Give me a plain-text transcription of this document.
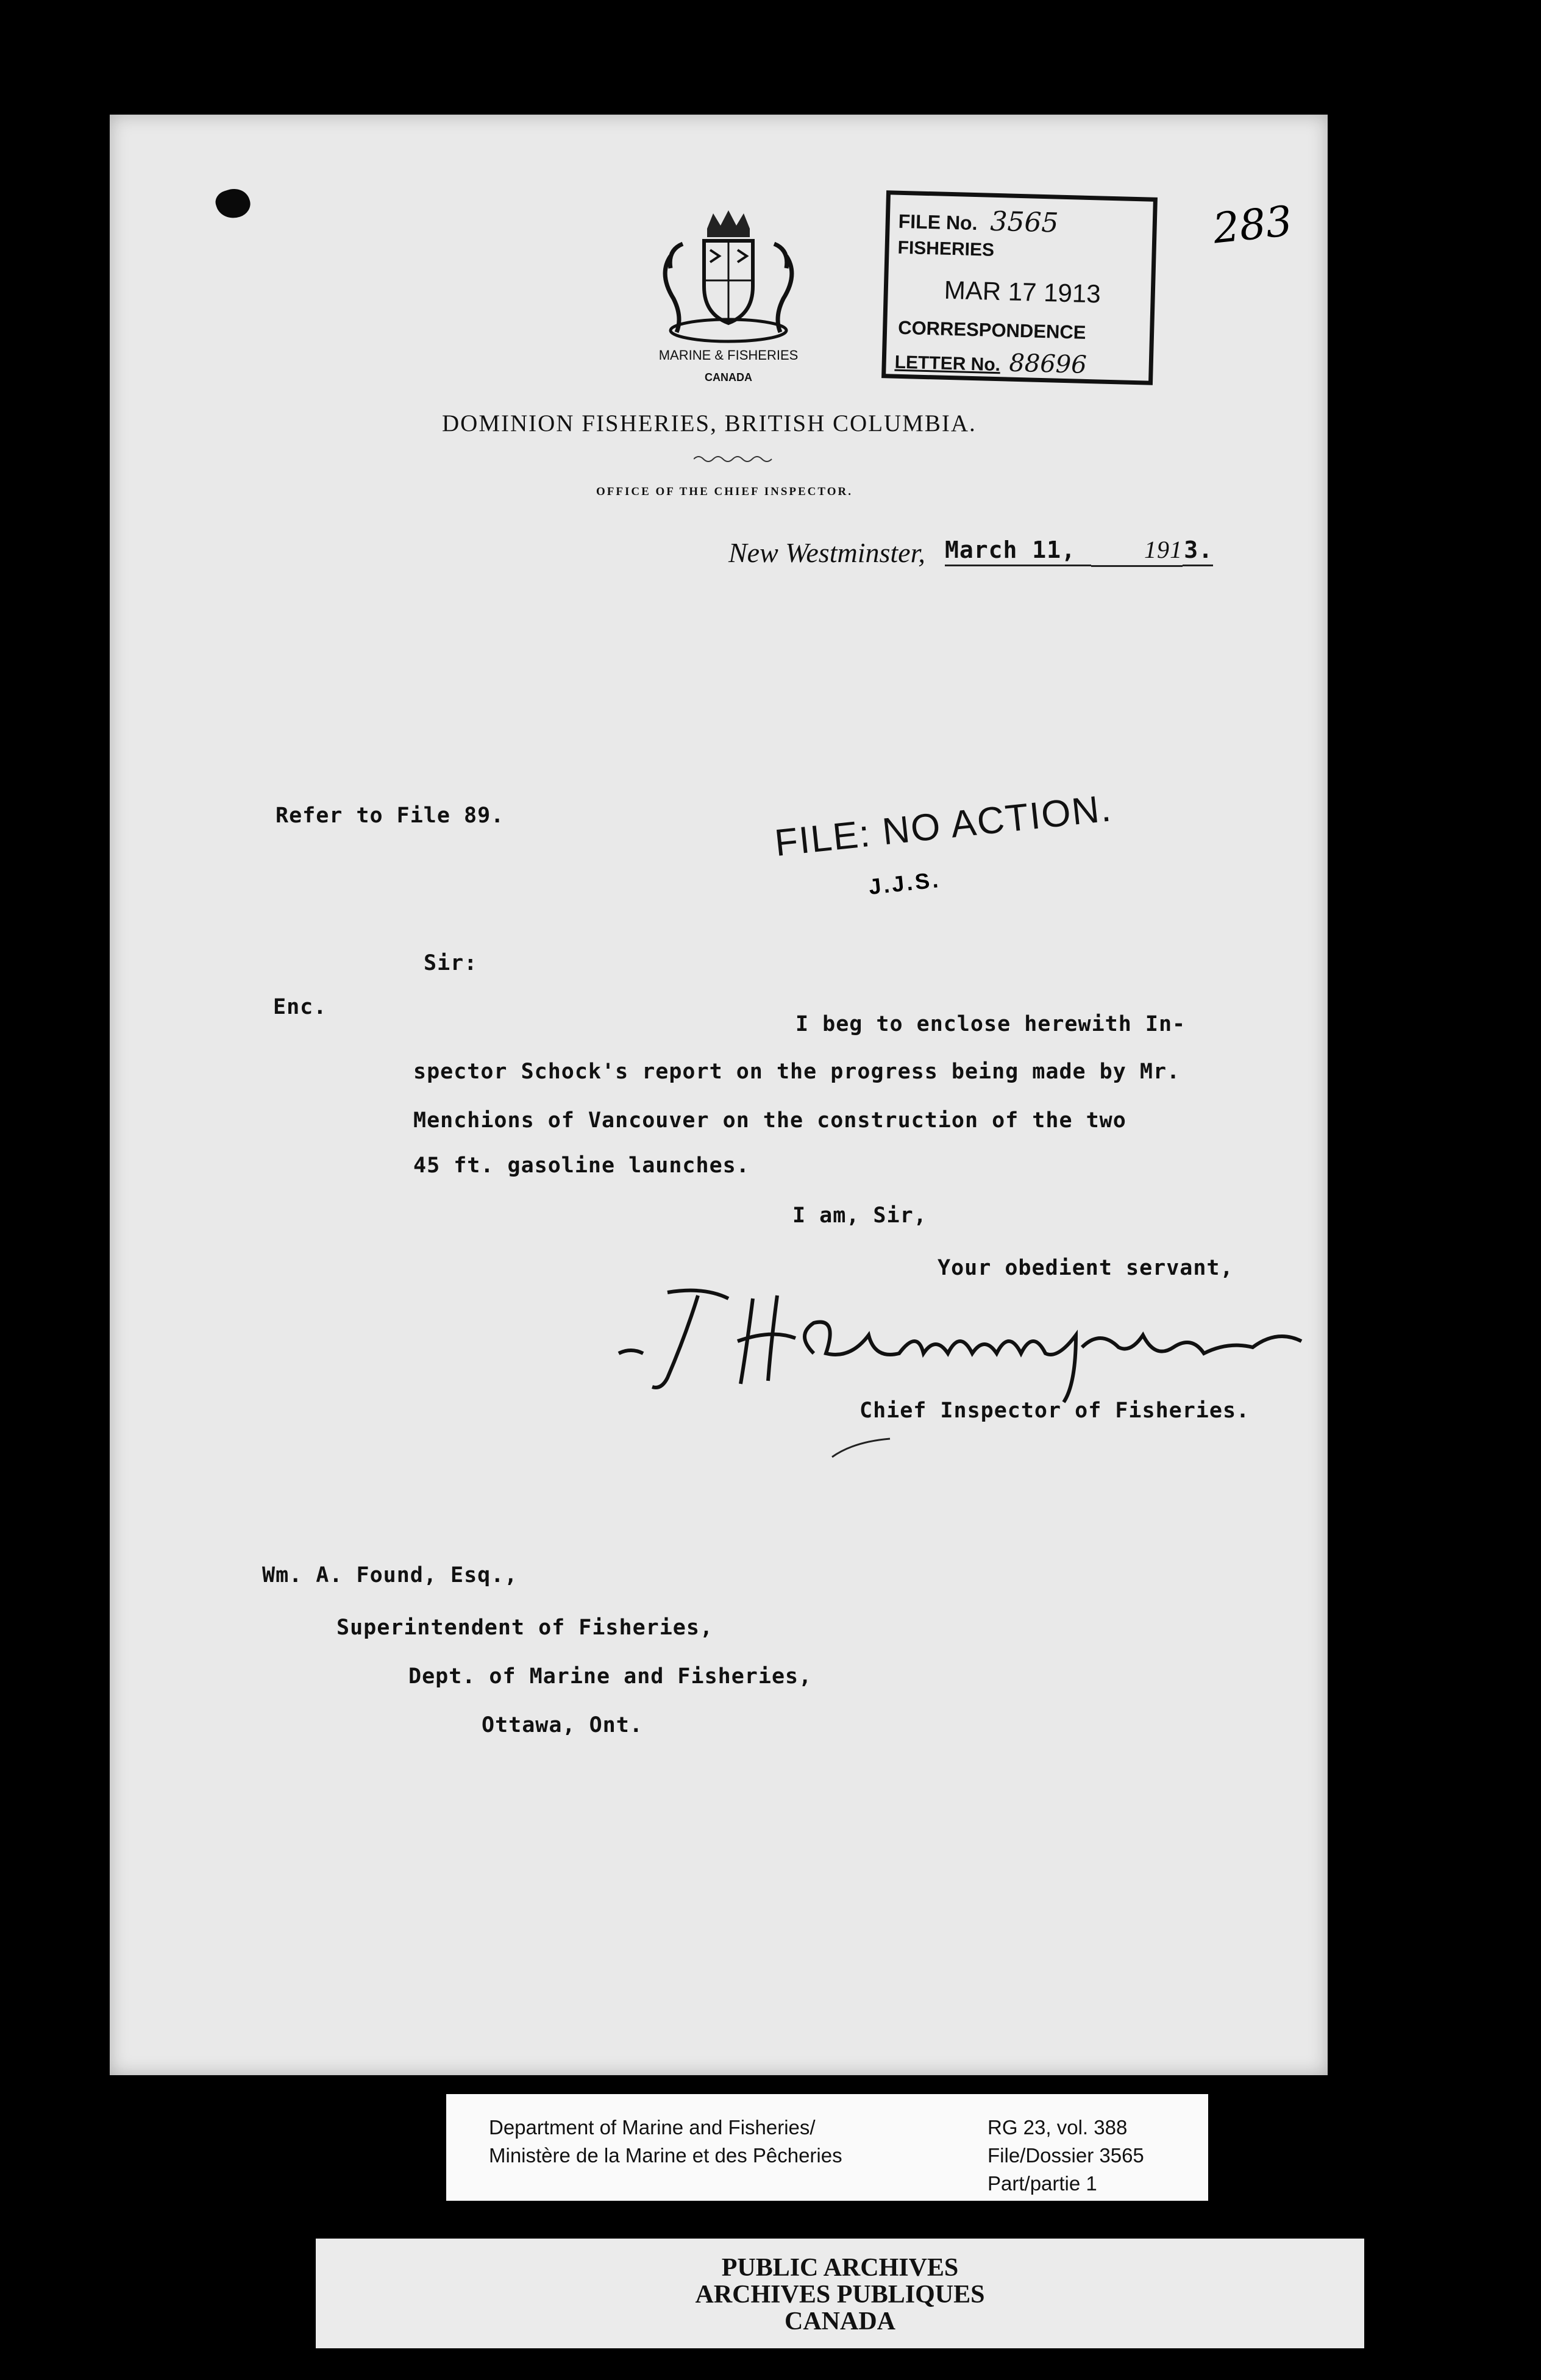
MARINE & FISHERIES
CANADA
FILE No. 3565
FISHERIES
MAR 17 1913
CORRESPONDENCE
LETTER No. 88696
283
DOMINION FISHERIES, BRITISH COLUMBIA.
OFFICE OF THE CHIEF INSPECTOR.
New Westminster, March 11,	1913.
Refer to File 89.	FILE: NO ACTION.
J.J.S.
Sir:
Enc.
I beg to enclose herewith In-
spector Schock's report on the progress being made by Mr.
Menchions of Vancouver on the construction of the two
45 ft. gasoline launches.
I am, Sir,
Your obedient servant,
Chief Inspector of Fisheries.
Wm. A. Found, Esq.,
Superintendent of Fisheries,
Dept. of Marine and Fisheries,
Ottawa, Ont.
Department of Marine and Fisheries/
Ministère de la Marine et des Pêcheries
RG 23, vol. 388
File/Dossier 3565
Part/partie 1
PUBLIC ARCHIVES
ARCHIVES PUBLIQUES
CANADA
